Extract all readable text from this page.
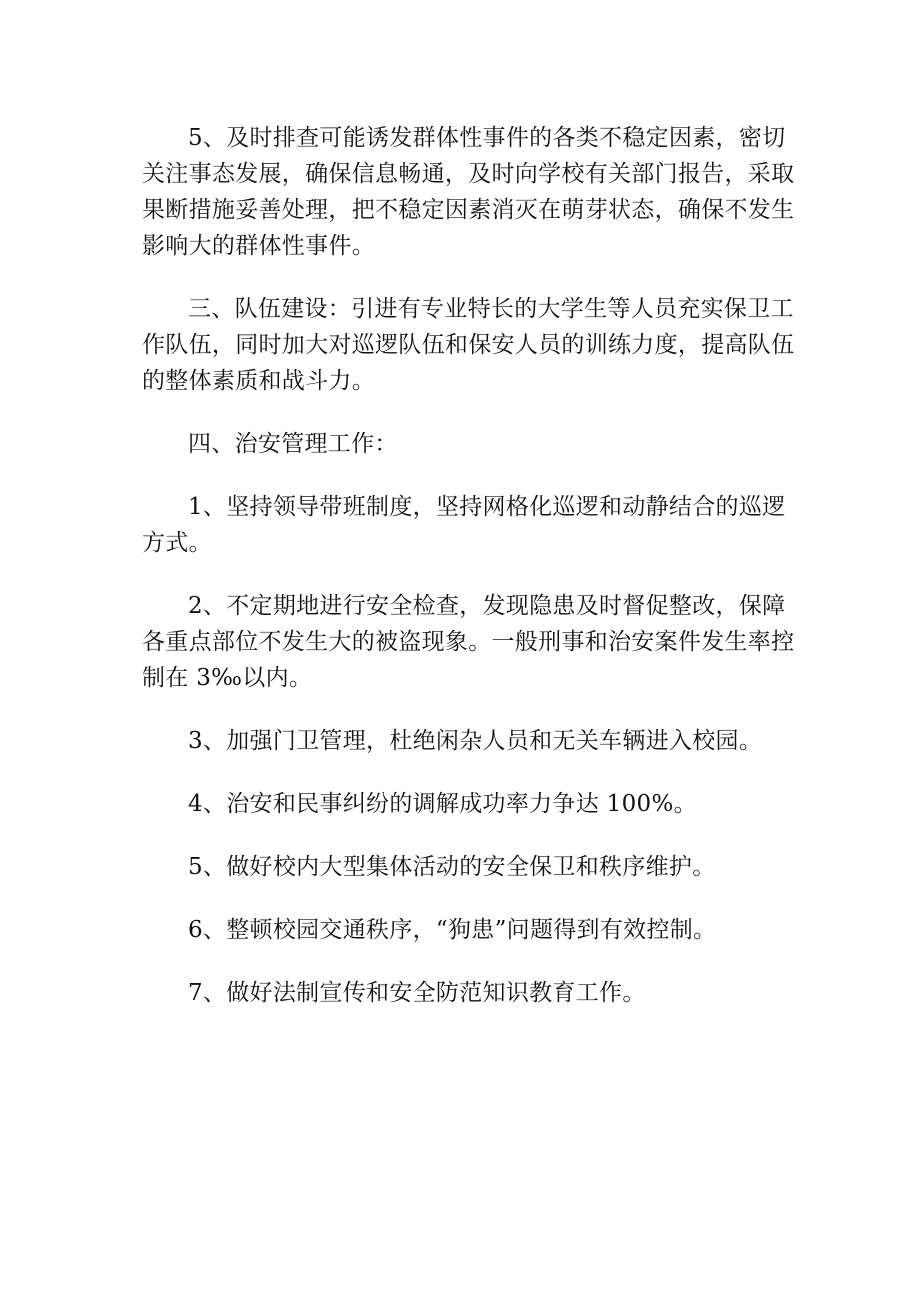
5、及时排查可能诱发群体性事件的各类不稳定因素，密切
关注事态发展，确保信息畅通，及时向学校有关部门报告，采取
果断措施妥善处理，把不稳定因素消灭在萌芽状态，确保不发生
影响大的群体性事件。

三、队伍建设：引进有专业特长的大学生等人员充实保卫工
作队伍，同时加大对巡逻队伍和保安人员的训练力度，提高队伍
的整体素质和战斗力。

四、治安管理工作：

1、坚持领导带班制度，坚持网格化巡逻和动静结合的巡逻
方式。

2、不定期地进行安全检查，发现隐患及时督促整改，保障
各重点部位不发生大的被盗现象。一般刑事和治安案件发生率控
制在 3‰以内。

3、加强门卫管理，杜绝闲杂人员和无关车辆进入校园。

4、治安和民事纠纷的调解成功率力争达 100%。

5、做好校内大型集体活动的安全保卫和秩序维护。

6、整顿校园交通秩序，“狗患”问题得到有效控制。

7、做好法制宣传和安全防范知识教育工作。
